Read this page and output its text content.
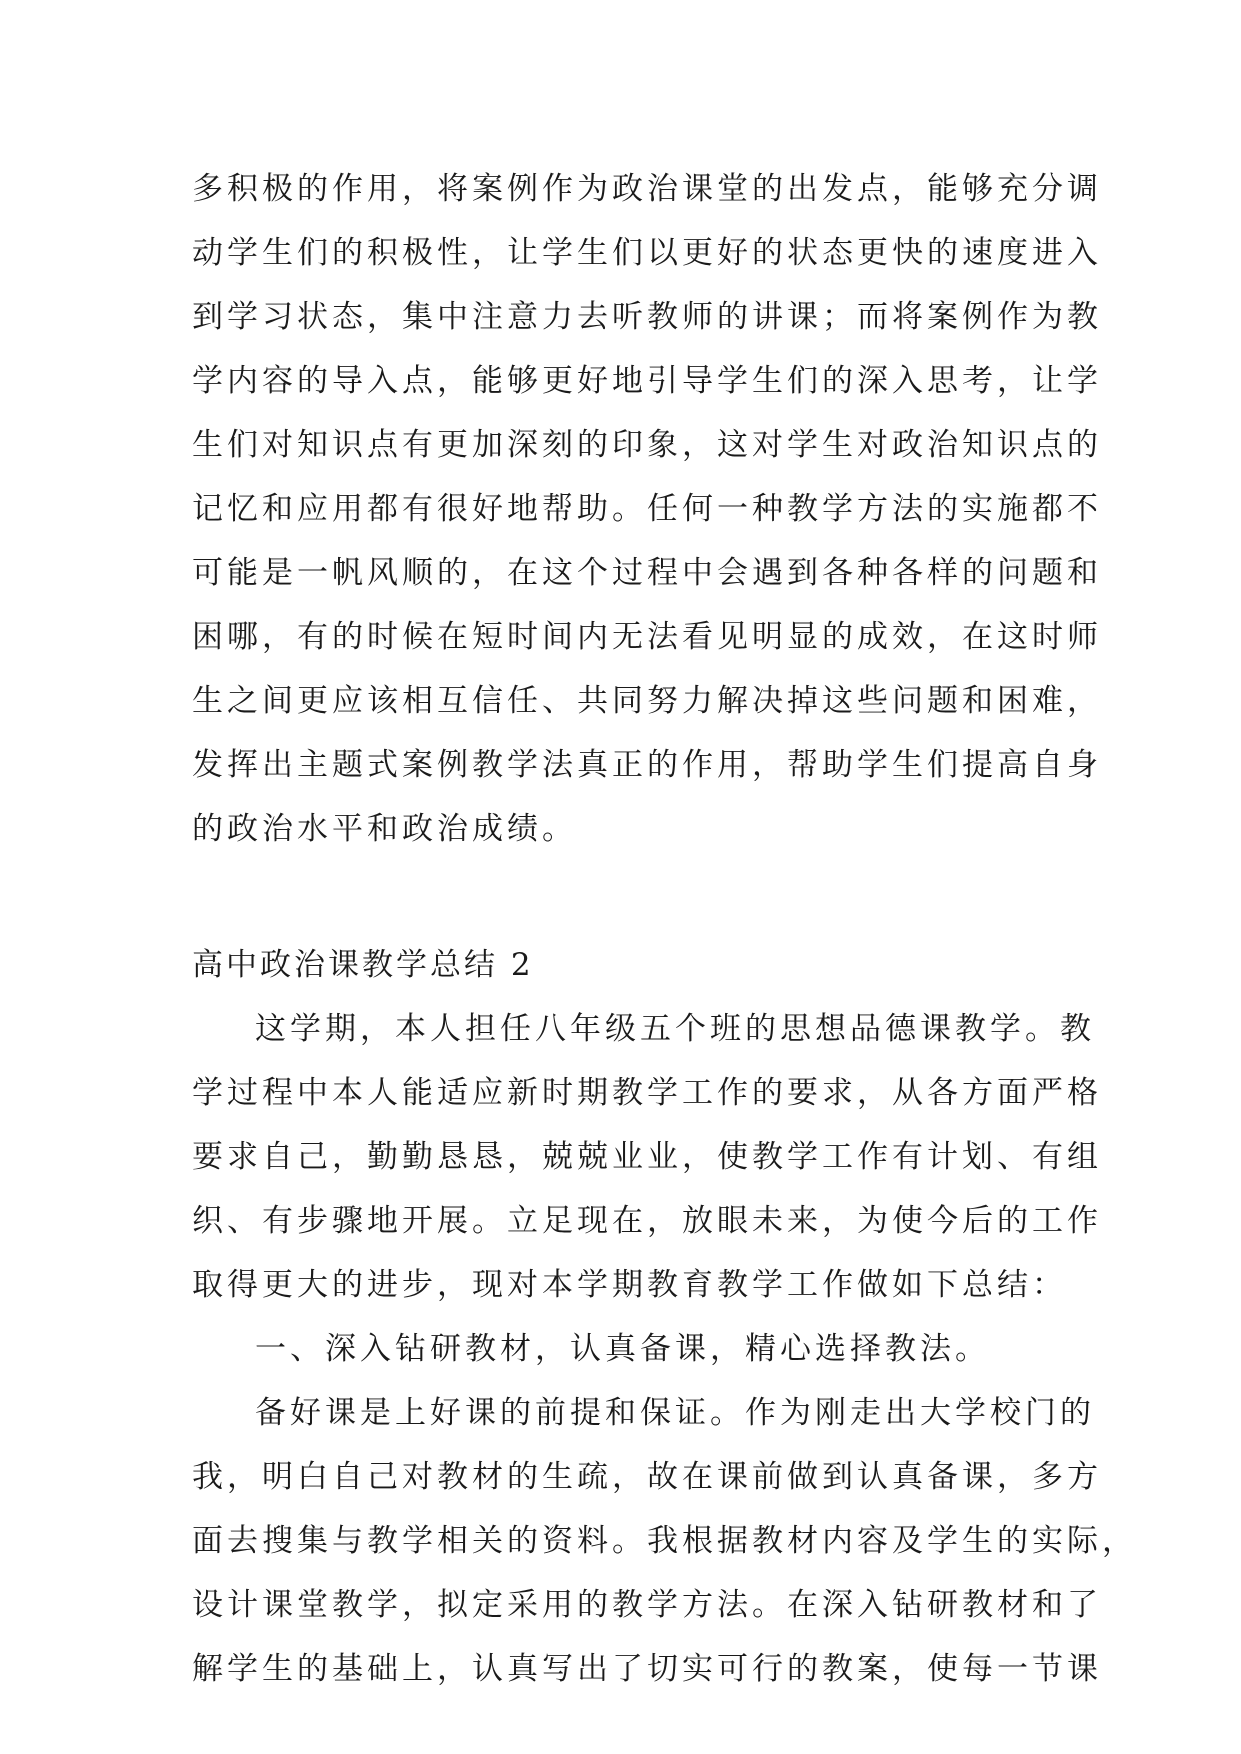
多积极的作用，将案例作为政治课堂的出发点，能够充分调
动学生们的积极性，让学生们以更好的状态更快的速度进入
到学习状态，集中注意力去听教师的讲课；而将案例作为教
学内容的导入点，能够更好地引导学生们的深入思考，让学
生们对知识点有更加深刻的印象，这对学生对政治知识点的
记忆和应用都有很好地帮助。任何一种教学方法的实施都不
可能是一帆风顺的，在这个过程中会遇到各种各样的问题和
困哪，有的时候在短时间内无法看见明显的成效，在这时师
生之间更应该相互信任、共同努力解决掉这些问题和困难，
发挥出主题式案例教学法真正的作用，帮助学生们提高自身
的政治水平和政治成绩。
高中政治课教学总结 2
这学期，本人担任八年级五个班的思想品德课教学。教
学过程中本人能适应新时期教学工作的要求，从各方面严格
要求自己，勤勤恳恳，兢兢业业，使教学工作有计划、有组
织、有步骤地开展。立足现在，放眼未来，为使今后的工作
取得更大的进步，现对本学期教育教学工作做如下总结：
一、深入钻研教材，认真备课，精心选择教法。
备好课是上好课的前提和保证。作为刚走出大学校门的
我，明白自己对教材的生疏，故在课前做到认真备课，多方
面去搜集与教学相关的资料。我根据教材内容及学生的实际，
设计课堂教学，拟定采用的教学方法。在深入钻研教材和了
解学生的基础上，认真写出了切实可行的教案，使每一节课
